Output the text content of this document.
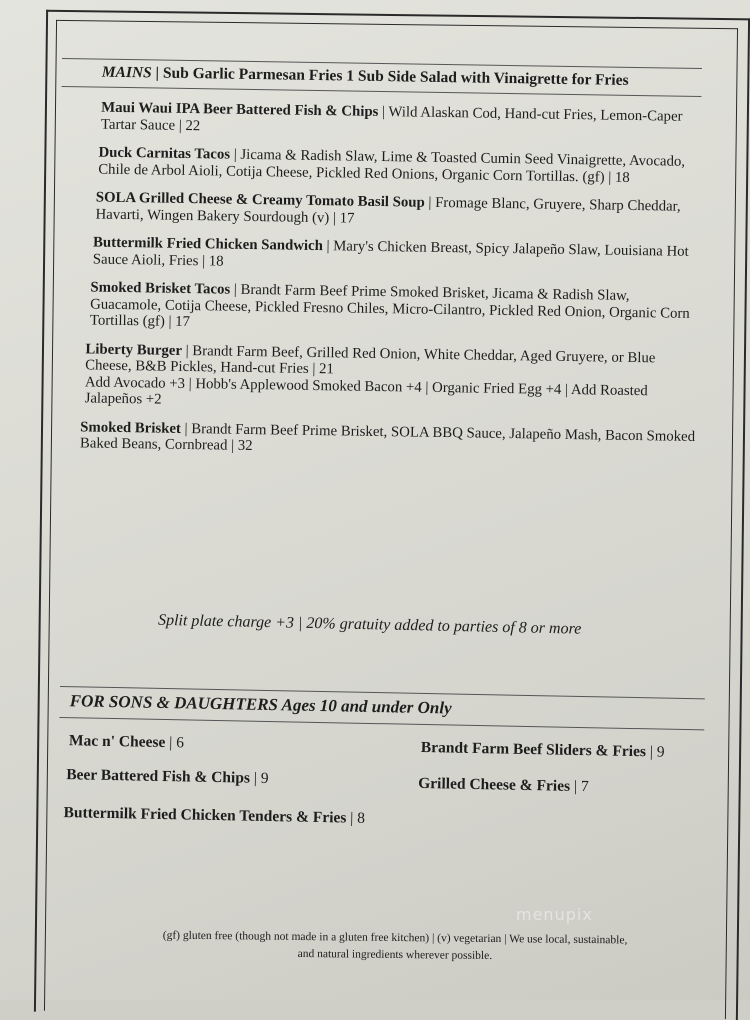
MAINS | Sub Garlic Parmesan Fries 1 Sub Side Salad with Vinaigrette for Fries
Maui Waui IPA Beer Battered Fish & Chips | Wild Alaskan Cod, Hand-cut Fries, Lemon-Caper Tartar Sauce | 22
Duck Carnitas Tacos | Jicama & Radish Slaw, Lime & Toasted Cumin Seed Vinaigrette, Avocado, Chile de Arbol Aioli, Cotija Cheese, Pickled Red Onions, Organic Corn Tortillas. (gf) | 18
SOLA Grilled Cheese & Creamy Tomato Basil Soup | Fromage Blanc, Gruyere, Sharp Cheddar, Havarti, Wingen Bakery Sourdough (v) | 17
Buttermilk Fried Chicken Sandwich | Mary's Chicken Breast, Spicy Jalapeño Slaw, Louisiana Hot Sauce Aioli, Fries | 18
Smoked Brisket Tacos | Brandt Farm Beef Prime Smoked Brisket, Jicama & Radish Slaw, Guacamole, Cotija Cheese, Pickled Fresno Chiles, Micro-Cilantro, Pickled Red Onion, Organic Corn Tortillas (gf) | 17
Liberty Burger | Brandt Farm Beef, Grilled Red Onion, White Cheddar, Aged Gruyere, or Blue Cheese, B&B Pickles, Hand-cut Fries | 21
Add Avocado +3 | Hobb's Applewood Smoked Bacon +4 | Organic Fried Egg +4 | Add Roasted Jalapeños +2
Smoked Brisket | Brandt Farm Beef Prime Brisket, SOLA BBQ Sauce, Jalapeño Mash, Bacon Smoked Baked Beans, Cornbread | 32
Split plate charge +3 | 20% gratuity added to parties of 8 or more
FOR SONS & DAUGHTERS Ages 10 and under Only
Mac n' Cheese | 6
Beer Battered Fish & Chips | 9
Buttermilk Fried Chicken Tenders & Fries | 8
Brandt Farm Beef Sliders & Fries | 9
Grilled Cheese & Fries | 7
(gf) gluten free (though not made in a gluten free kitchen) | (v) vegetarian | We use local, sustainable,
and natural ingredients wherever possible.
menupix
